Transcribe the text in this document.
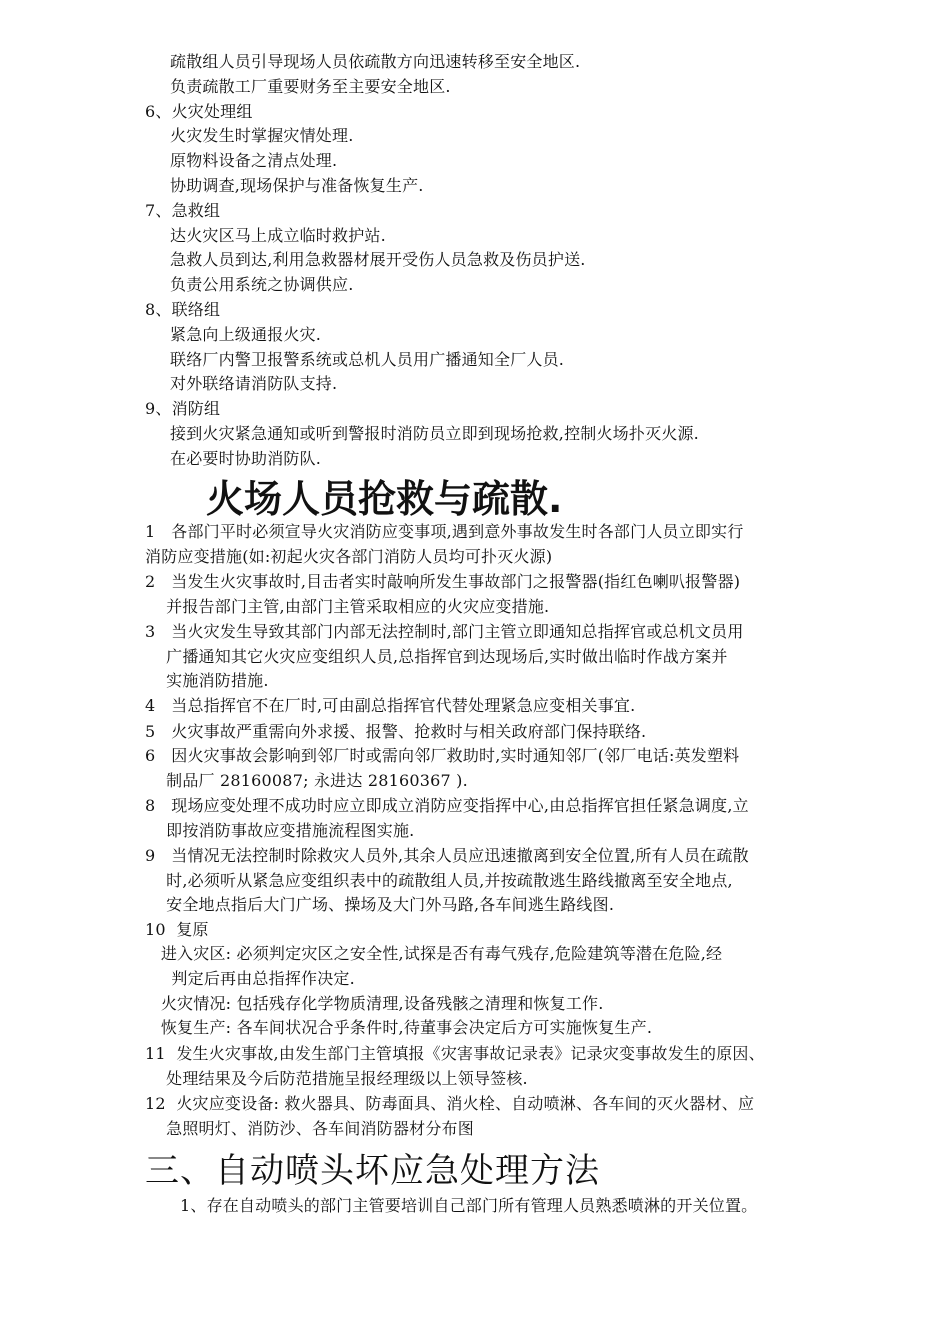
疏散组人员引导现场人员依疏散方向迅速转移至安全地区.
负责疏散工厂重要财务至主要安全地区.
6、火灾处理组
火灾发生时掌握灾情处理.
原物料设备之清点处理.
协助调查,现场保护与准备恢复生产.
7、急救组
达火灾区马上成立临时救护站.
急救人员到达,利用急救器材展开受伤人员急救及伤员护送.
负责公用系统之协调供应.
8、联络组
紧急向上级通报火灾.
联络厂内警卫报警系统或总机人员用广播通知全厂人员.
对外联络请消防队支持.
9、消防组
接到火灾紧急通知或听到警报时消防员立即到现场抢救,控制火场扑灭火源.
在必要时协助消防队.
火场人员抢救与疏散.
1   各部门平时必须宣导火灾消防应变事项,遇到意外事故发生时各部门人员立即实行
消防应变措施(如:初起火灾各部门消防人员均可扑灭火源)
2   当发生火灾事故时,目击者实时敲响所发生事故部门之报警器(指红色喇叭报警器)
并报告部门主管,由部门主管采取相应的火灾应变措施.
3   当火灾发生导致其部门内部无法控制时,部门主管立即通知总指挥官或总机文员用
广播通知其它火灾应变组织人员,总指挥官到达现场后,实时做出临时作战方案并
实施消防措施.
4   当总指挥官不在厂时,可由副总指挥官代替处理紧急应变相关事宜.
5   火灾事故严重需向外求援、报警、抢救时与相关政府部门保持联络.
6   因火灾事故会影响到邻厂时或需向邻厂救助时,实时通知邻厂(邻厂电话:英发塑料
制品厂 28160087; 永进达 28160367 ).
8   现场应变处理不成功时应立即成立消防应变指挥中心,由总指挥官担任紧急调度,立
即按消防事故应变措施流程图实施.
9   当情况无法控制时除救灾人员外,其余人员应迅速撤离到安全位置,所有人员在疏散
时,必须听从紧急应变组织表中的疏散组人员,并按疏散逃生路线撤离至安全地点,
安全地点指后大门广场、操场及大门外马路,各车间逃生路线图.
10  复原
进入灾区: 必须判定灾区之安全性,试探是否有毒气残存,危险建筑等潜在危险,经
判定后再由总指挥作决定.
火灾情况: 包括残存化学物质清理,设备残骸之清理和恢复工作.
恢复生产: 各车间状况合乎条件时,待董事会决定后方可实施恢复生产.
11  发生火灾事故,由发生部门主管填报《灾害事故记录表》记录灾变事故发生的原因、
处理结果及今后防范措施呈报经理级以上领导签核.
12  火灾应变设备: 救火器具、防毒面具、消火栓、自动喷淋、各车间的灭火器材、应
急照明灯、消防沙、各车间消防器材分布图
三、自动喷头坏应急处理方法
1、存在自动喷头的部门主管要培训自己部门所有管理人员熟悉喷淋的开关位置。
